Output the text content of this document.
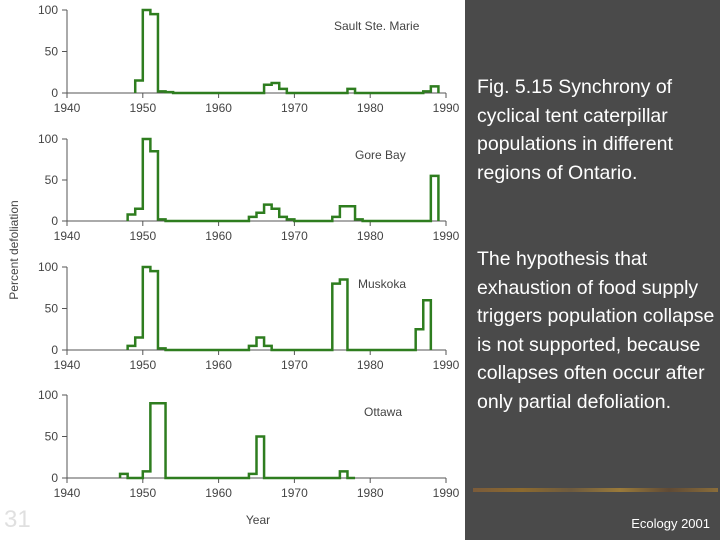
0
50
100
1940	1950	1960	1970	1980	1990
Sault Ste. Marie
0
50
100
1940	1950	1960	1970	1980	1990
Gore Bay
0
50
100
1940	1950	1960	1970	1980	1990
Muskoka
0
50
100
1940	1950	1960	1970	1980	1990
Ottawa
Percent defoliation
Year
Fig. 5.15 Synchrony of cyclical tent caterpillar populations in different regions of Ontario.
The hypothesis that exhaustion of food supply triggers population collapse is not supported, because collapses often occur after only partial defoliation.
Ecology 2001
31
